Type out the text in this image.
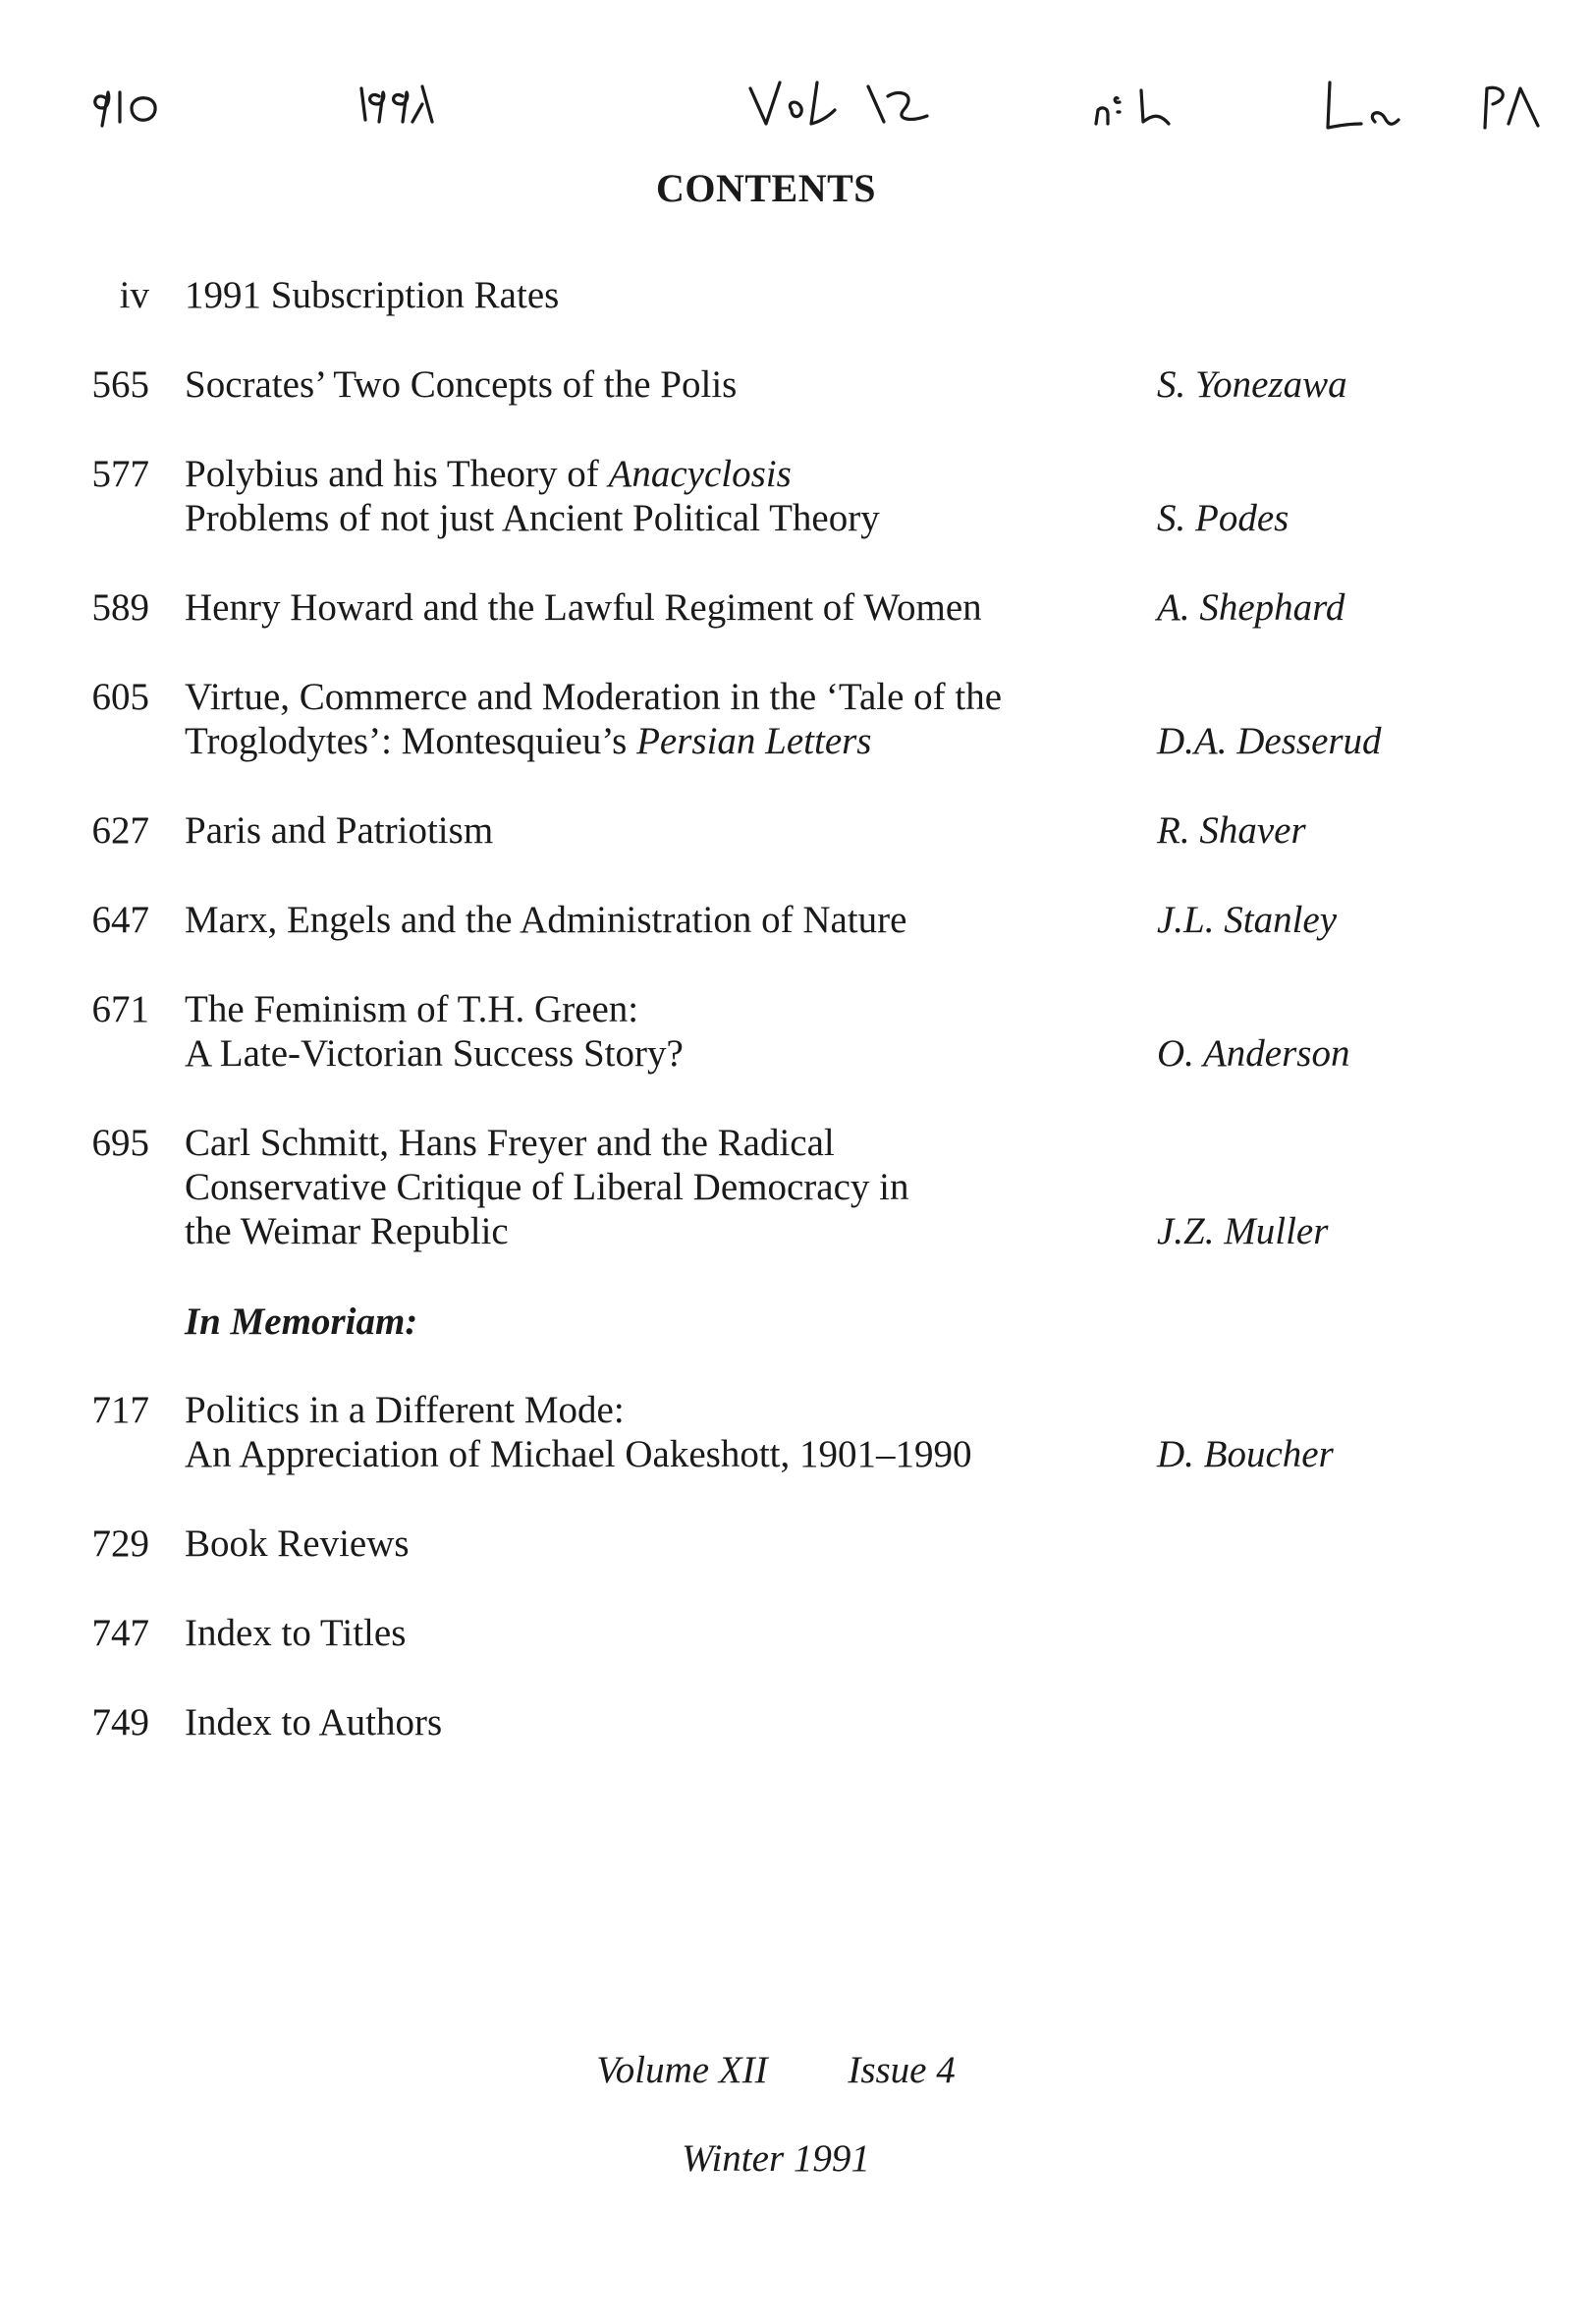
CONTENTS
iv 1991 Subscription Rates
565 Socrates’ Two Concepts of the Polis	S. Yonezawa
577 Polybius and his Theory of Anacyclosis
Problems of not just Ancient Political Theory	S. Podes
589 Henry Howard and the Lawful Regiment of Women	A. Shephard
605 Virtue, Commerce and Moderation in the ‘Tale of the
Troglodytes’: Montesquieu’s Persian Letters	D.A. Desserud
627 Paris and Patriotism	R. Shaver
647 Marx, Engels and the Administration of Nature	J.L. Stanley
671 The Feminism of T.H. Green:
A Late-Victorian Success Story?	O. Anderson
695 Carl Schmitt, Hans Freyer and the Radical
Conservative Critique of Liberal Democracy in
the Weimar Republic	J.Z. Muller
In Memoriam:
717 Politics in a Different Mode:
An Appreciation of Michael Oakeshott, 1901–1990	D. Boucher
729 Book Reviews
747 Index to Titles
749 Index to Authors
Volume XII Issue 4
Winter 1991
